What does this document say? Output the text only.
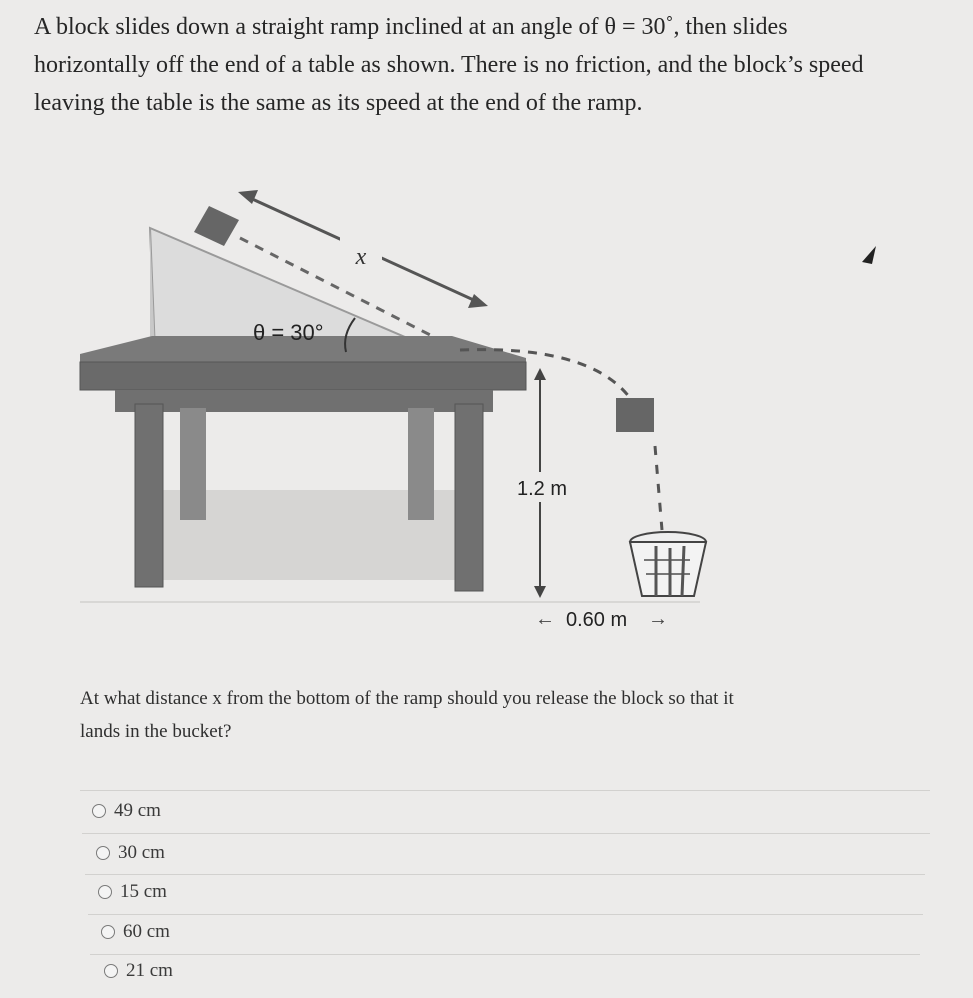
A block slides down a straight ramp inclined at an angle of θ = 30˚, then slides
horizontally off the end of a table as shown. There is no friction, and the block’s speed
leaving the table is the same as its speed at the end of the ramp.
x
θ = 30°
1.2 m
← 0.60 m →
At what distance x from the bottom of the ramp should you release the block so that it
lands in the bucket?
49 cm
30 cm
15 cm
60 cm
21 cm
